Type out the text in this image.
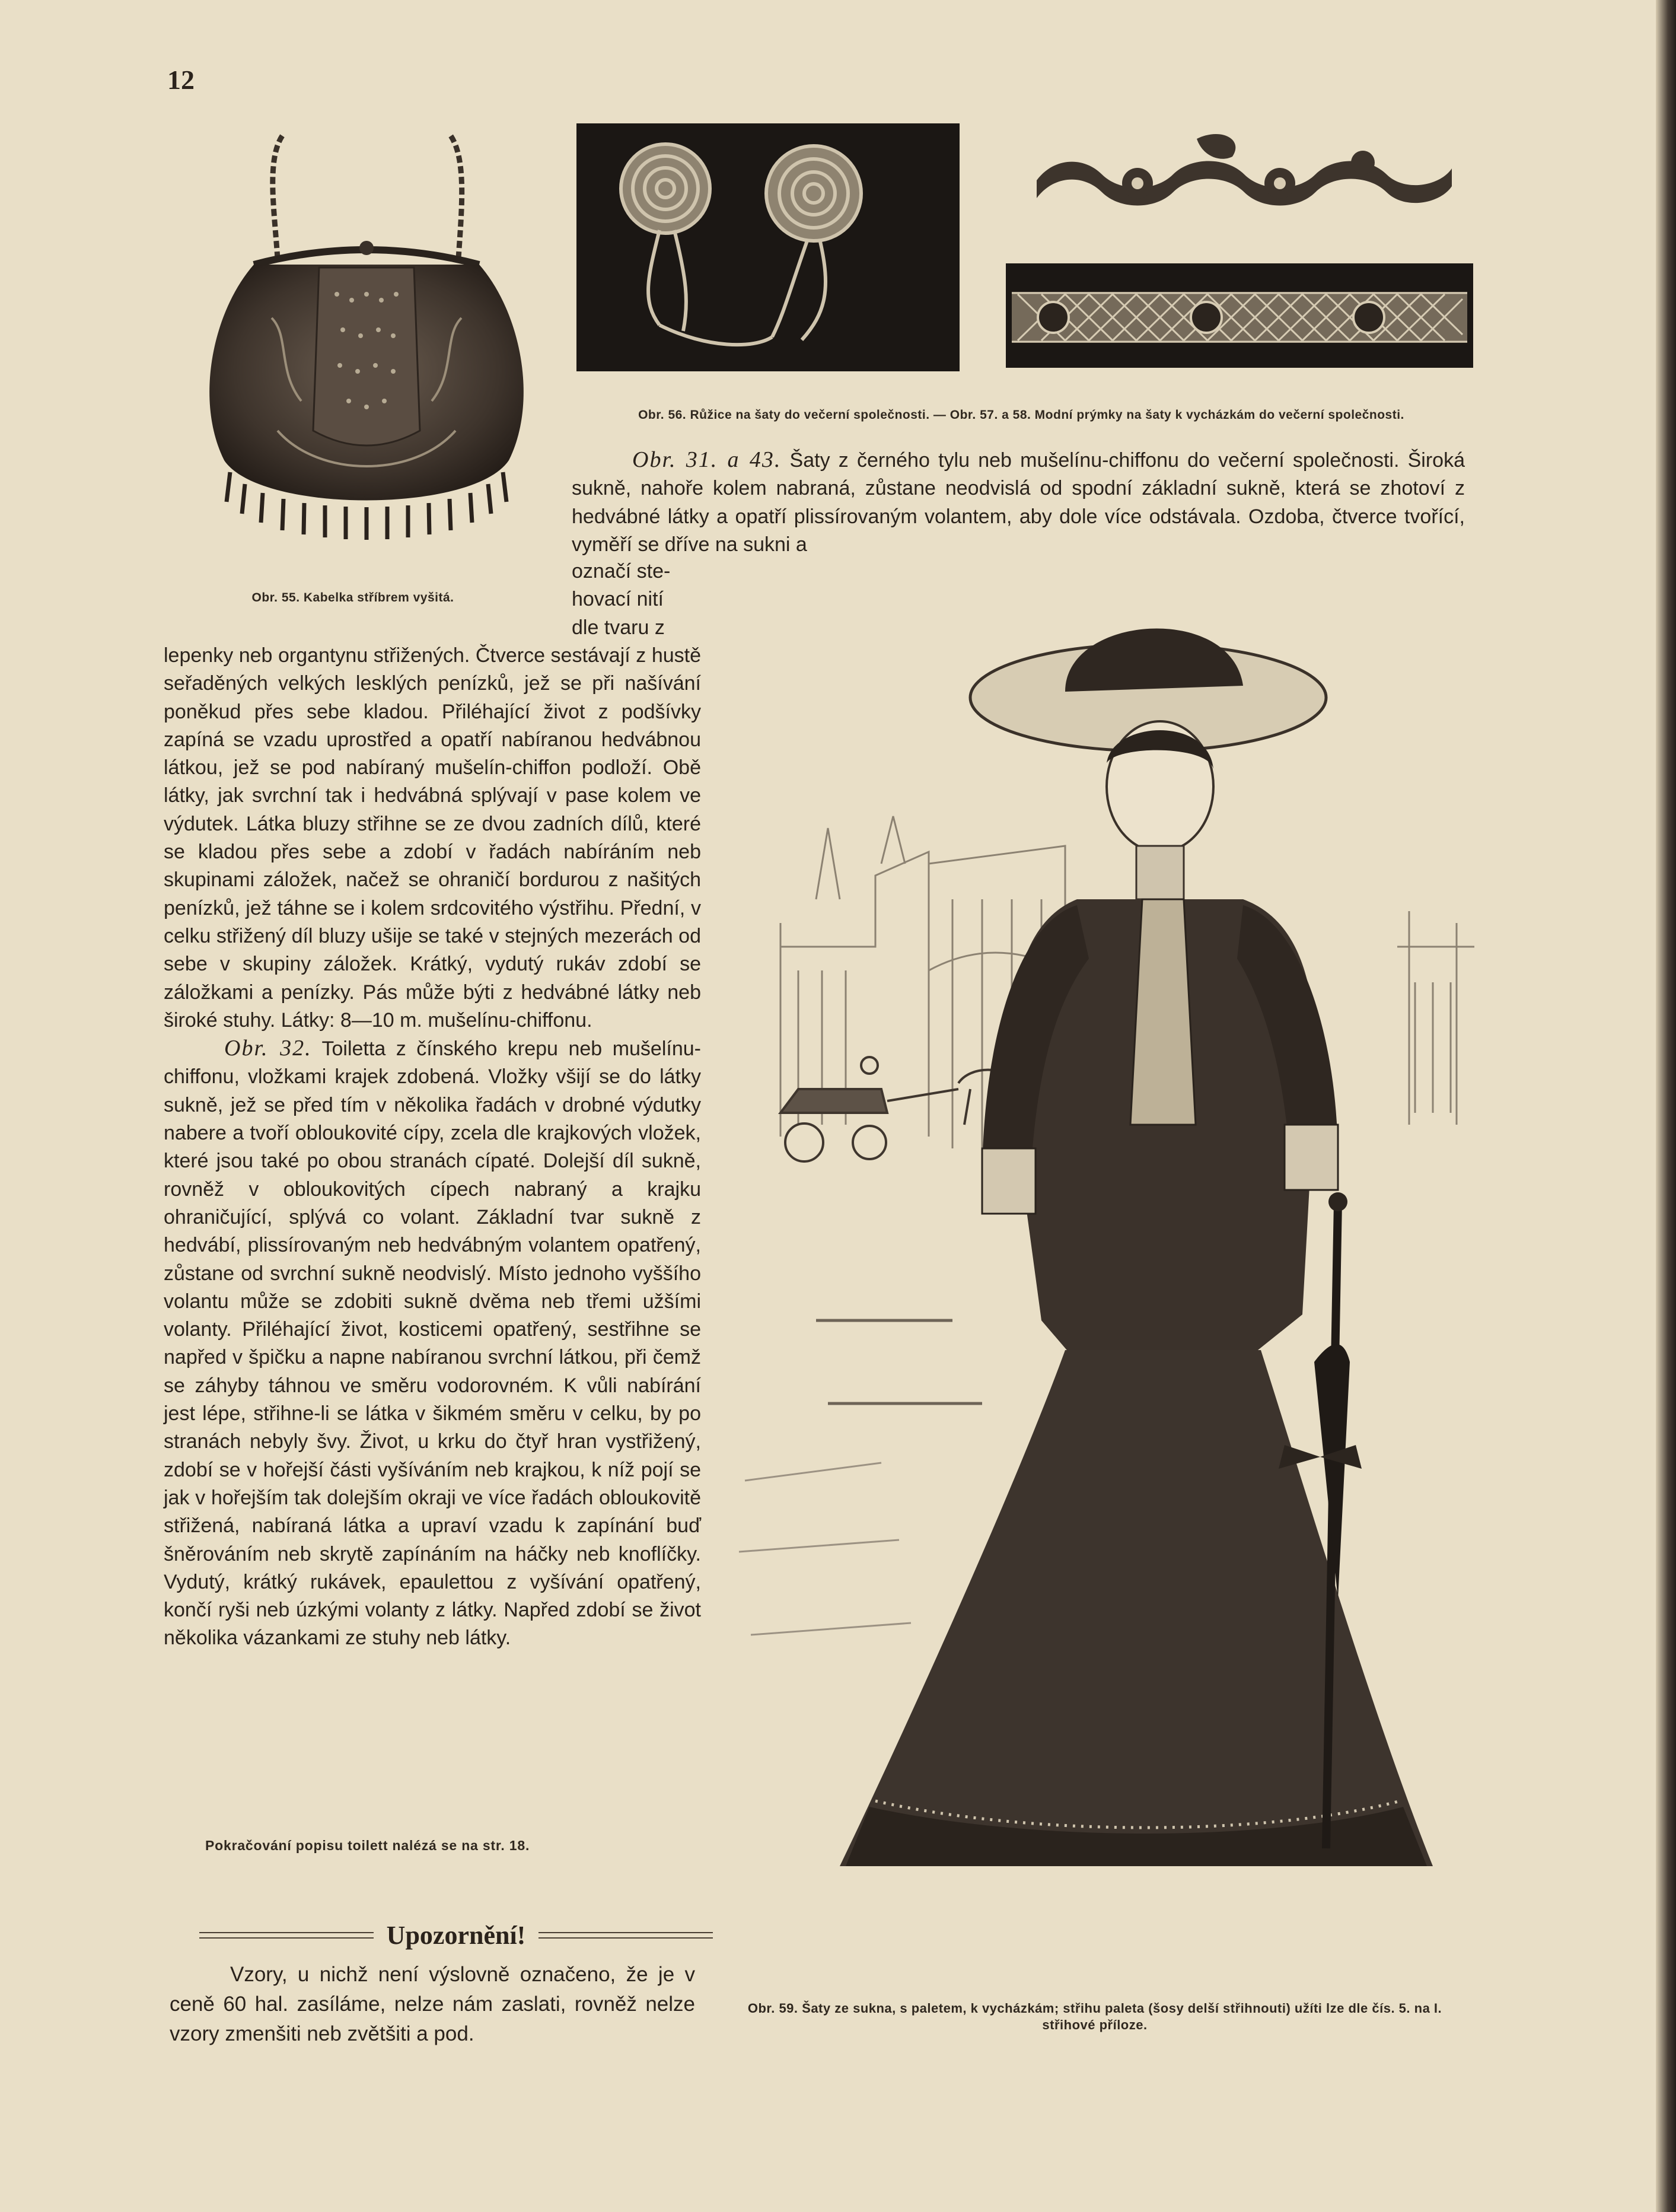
12
Obr. 55. Kabelka stříbrem vyšitá.
Obr. 56. Růžice na šaty do večerní společnosti. — Obr. 57. a 58. Modní prýmky na šaty k vycházkám do večerní společnosti.

Obr. 31. a 43. Šaty z černého tylu neb mušelínu-chiffonu do večerní společnosti. Široká sukně, nahoře kolem nabraná, zůstane neodvislá od spodní základní sukně, která se zhotoví z hedvábné látky a opatří plissírovaným volantem, aby dole více odstávala. Ozdoba, čtverce tvořící, vyměří se dříve na sukni a

označí ste-

hovací nití

dle tvaru z

lepenky neb organtynu střižených. Čtverce sestávají z hustě seřaděných velkých lesklých penízků, jež se při našívání poněkud přes sebe kladou. Přiléhající život z podšívky zapíná se vzadu uprostřed a opatří nabíranou hedvábnou látkou, jež se pod nabíraný mušelín-chiffon podloží. Obě látky, jak svrchní tak i hedvábná splývají v pase kolem ve výdutek. Látka bluzy střihne se ze dvou zadních dílů, které se kladou přes sebe a zdobí v řadách nabíráním neb skupinami záložek, načež se ohraničí bordurou z našitých penízků, jež táhne se i kolem srdcovitého výstřihu. Přední, v celku střižený díl bluzy ušije se také v stejných mezerách od sebe v skupiny záložek. Krátký, vydutý rukáv zdobí se záložkami a penízky. Pás může býti z hedvábné látky neb široké stuhy. Látky: 8—10 m. mušelínu-chiffonu.

Obr. 32. Toiletta z čínského krepu neb mušelínu-chiffonu, vložkami krajek zdobená. Vložky všijí se do látky sukně, jež se před tím v několika řadách v drobné výdutky nabere a tvoří obloukovité cípy, zcela dle krajkových vložek, které jsou také po obou stranách cípaté. Dolejší díl sukně, rovněž v obloukovitých cípech nabraný a krajku ohraničující, splývá co volant. Základní tvar sukně z hedvábí, plissírovaným neb hedvábným volantem opatřený, zůstane od svrchní sukně neodvislý. Místo jednoho vyššího volantu může se zdobiti sukně dvěma neb třemi užšími volanty. Přiléhající život, kosticemi opatřený, sestřihne se napřed v špičku a napne nabíranou svrchní látkou, při čemž se záhyby táhnou ve směru vodorovném. K vůli nabírání jest lépe, střihne-li se látka v šikmém směru v celku, by po stranách nebyly švy. Život, u krku do čtyř hran vystřižený, zdobí se v hořejší části vyšíváním neb krajkou, k níž pojí se jak v hořejším tak dolejším okraji ve více řadách obloukovitě střižená, nabíraná látka a upraví vzadu k zapínání buď šněrováním neb skrytě zapínáním na háčky neb knoflíčky. Vydutý, krátký rukávek, epaulettou z vyšívání opatřený, končí ryši neb úzkými volanty z látky. Napřed zdobí se život několika vázankami ze stuhy neb látky.

Pokračování popisu toilett nalézá se na str. 18.
Upozornění!

Vzory, u nichž není výslovně označeno, že je v ceně 60 hal. zasíláme, nelze nám zaslati, rovněž nelze vzory zmenšiti neb zvětšiti a pod.

Obr. 59. Šaty ze sukna, s paletem, k vycházkám; střihu paleta (šosy delší střihnouti) užíti lze dle čís. 5. na I. střihové příloze.
